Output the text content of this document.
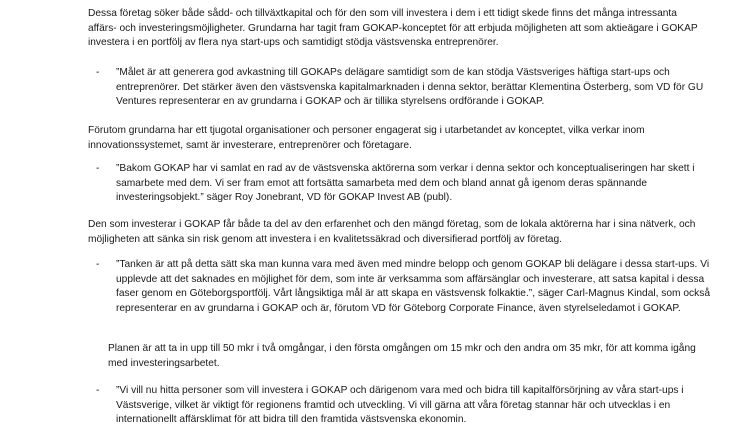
Dessa företag söker både sådd- och tillväxtkapital och för den som vill investera i dem i ett tidigt skede finns det många intressanta affärs- och investeringsmöjligheter. Grundarna har tagit fram GOKAP-konceptet för att erbjuda möjligheten att som aktieägare i GOKAP investera i en portfölj av flera nya start-ups och samtidigt stödja västsvenska entreprenörer.

- ”Målet är att generera god avkastning till GOKAPs delägare samtidigt som de kan stödja Västsveriges häftiga start-ups och entreprenörer. Det stärker även den västsvenska kapitalmarknaden i denna sektor, berättar Klementina Österberg, som VD för GU Ventures representerar en av grundarna i GOKAP och är tillika styrelsens ordförande i GOKAP.

Förutom grundarna har ett tjugotal organisationer och personer engagerat sig i utarbetandet av konceptet, vilka verkar inom innovationssystemet, samt är investerare, entreprenörer och företagare.

- ”Bakom GOKAP har vi samlat en rad av de västsvenska aktörerna som verkar i denna sektor och konceptualiseringen har skett i samarbete med dem. Vi ser fram emot att fortsätta samarbeta med dem och bland annat gå igenom deras spännande investeringsobjekt.” säger Roy Jonebrant, VD för GOKAP Invest AB (publ).

Den som investerar i GOKAP får både ta del av den erfarenhet och den mängd företag, som de lokala aktörerna har i sina nätverk, och möjligheten att sänka sin risk genom att investera i en kvalitetssäkrad och diversifierad portfölj av företag.

- ”Tanken är att på detta sätt ska man kunna vara med även med mindre belopp och genom GOKAP bli delägare i dessa start-ups. Vi upplevde att det saknades en möjlighet för dem, som inte är verksamma som affärsänglar och investerare, att satsa kapital i dessa faser genom en Göteborgsportfölj. Vårt långsiktiga mål är att skapa en västsvensk folkaktie.”, säger Carl-Magnus Kindal, som också representerar en av grundarna i GOKAP och är, förutom VD för Göteborg Corporate Finance, även styrelseledamot i GOKAP.

Planen är att ta in upp till 50 mkr i två omgångar, i den första omgången om 15 mkr och den andra om 35 mkr, för att komma igång med investeringsarbetet.

- ”Vi vill nu hitta personer som vill investera i GOKAP och därigenom vara med och bidra till kapitalförsörjning av våra start-ups i Västsverige, vilket är viktigt för regionens framtid och utveckling. Vi vill gärna att våra företag stannar här och utvecklas i en internationellt affärsklimat för att bidra till den framtida västsvenska ekonomin.
